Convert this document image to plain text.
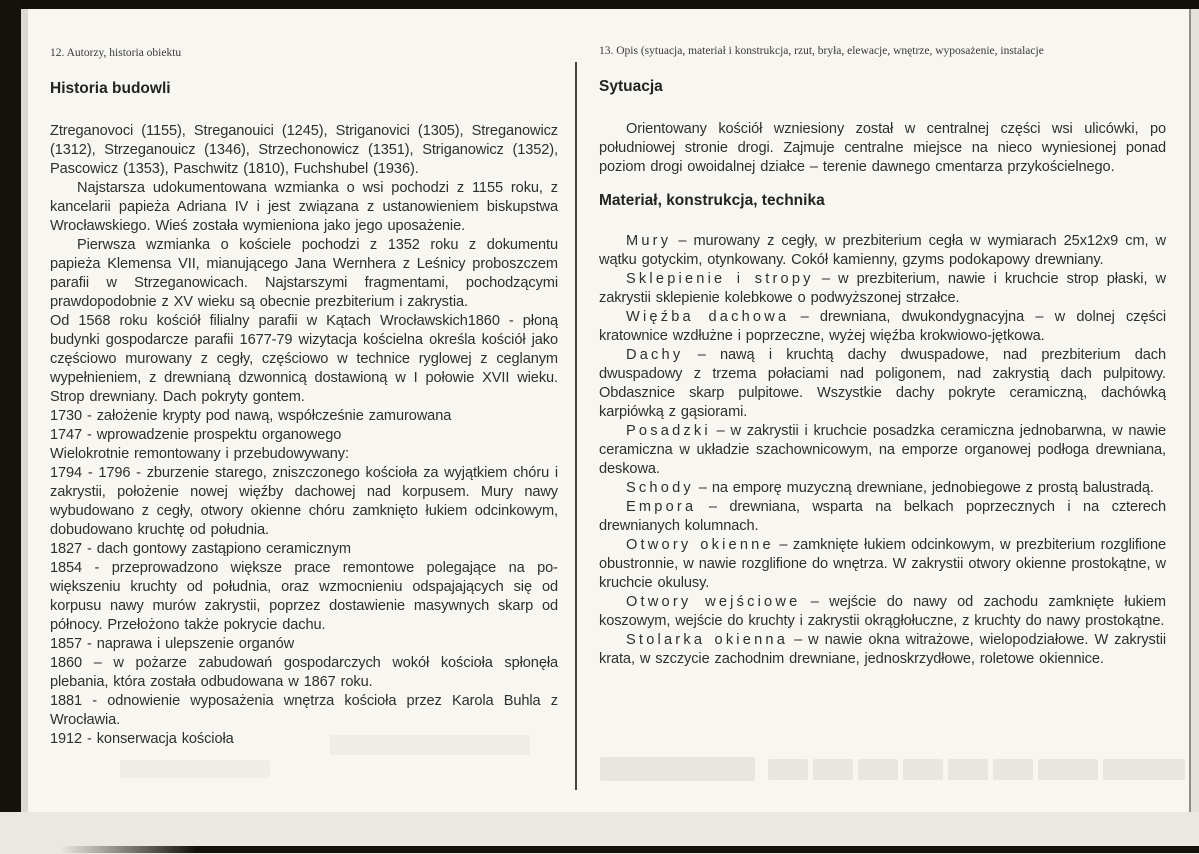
12. Autorzy, historia obiektu
Historia budowli

Ztreganovoci (1155), Streganouici (1245), Striganovici (1305), Streganowicz (1312), Strzeganouicz (1346), Strzechonowicz (1351), Striganowicz (1352), Pascowicz (1353), Paschwitz (1810), Fuchshubel (1936).

Najstarsza udokumentowana wzmianka o wsi pochodzi z 1155 roku, z kancelarii papieża Adriana IV i jest związana z ustanowieniem biskupstwa Wrocławskiego. Wieś została wymieniona jako jego uposażenie.

Pierwsza wzmianka o kościele pochodzi z 1352 roku z dokumentu papieża Klemensa VII, mianującego Jana Wernhera z Leśnicy proboszczem parafii w Strzeganowicach. Najstarszymi fragmentami, pochodzącymi prawdopodobnie z XV wieku są obecnie prezbiterium i zakrystia.

Od 1568 roku kościół filialny parafii w Kątach Wrocławskich1860 - płoną budynki gospodarcze parafii 1677-79 wizytacja kościelna określa kościół jako częściowo murowany z cegły, częściowo w technice ryglowej z ceglanym wypełnieniem, z drewnianą dzwonnicą dostawioną w I połowie XVII wieku. Strop drewniany. Dach pokryty gontem.

1730 - założenie krypty pod nawą, współcześnie zamurowana

1747 - wprowadzenie prospektu organowego

Wielokrotnie remontowany i przebudowywany:

1794 - 1796 - zburzenie starego, zniszczonego kościoła za wyjątkiem chóru i zakrystii, położenie nowej więźby dachowej nad korpusem. Mury nawy wybudowano z cegły, otwory okienne chóru zamknięto łukiem odcinkowym, dobudowano kruchtę od południa.

1827 - dach gontowy zastąpiono ceramicznym

1854 - przeprowadzono większe prace remontowe polegające na powiększeniu kruchty od południa, oraz wzmocnieniu odspajających się od korpusu nawy murów zakrystii, poprzez dostawienie masywnych skarp od północy. Przełożono także pokrycie dachu.

1857 - naprawa i ulepszenie organów

1860 – w pożarze zabudowań gospodarczych wokół kościoła spłonęła plebania, która została odbudowana w 1867 roku.

1881 - odnowienie wyposażenia wnętrza kościoła przez Karola Buhla z Wrocławia.

1912 - konserwacja kościoła

13. Opis (sytuacja, materiał i konstrukcja, rzut, bryła, elewacje, wnętrze, wyposażenie, instalacje
Sytuacja

Orientowany kościół wzniesiony został w centralnej części wsi ulicówki, po południowej stronie drogi. Zajmuje centralne miejsce na nieco wyniesionej ponad poziom drogi owoidalnej działce – terenie dawnego cmentarza przykościelnego.

Materiał, konstrukcja, technika

Mury – murowany z cegły, w prezbiterium cegła w wymiarach 25x12x9 cm, w wątku gotyckim, otynkowany. Cokół kamienny, gzyms podokapowy drewniany.

Sklepienie i stropy – w prezbiterium, nawie i kruchcie strop płaski, w zakrystii sklepienie kolebkowe o podwyższonej strzałce.

Więźba dachowa – drewniana, dwukondygnacyjna – w dolnej części kratownice wzdłużne i poprzeczne, wyżej więźba krokwiowo-jętkowa.

Dachy – nawą i kruchtą dachy dwuspadowe, nad prezbiterium dach dwuspadowy z trzema połaciami nad poligonem, nad zakrystią dach pulpitowy. Obdasznice skarp pulpitowe. Wszystkie dachy pokryte ceramiczną, dachówką karpiówką z gąsiorami.

Posadzki – w zakrystii i kruchcie posadzka ceramiczna jednobarwna, w nawie ceramiczna w układzie szachownicowym, na emporze organowej podłoga drewniana, deskowa.

Schody – na emporę muzyczną drewniane, jednobiegowe z prostą balustradą.

Empora – drewniana, wsparta na belkach poprzecznych i na czterech drewnianych kolumnach.

Otwory okienne – zamknięte łukiem odcinkowym, w prezbiterium rozglifione obustronnie, w nawie rozglifione do wnętrza. W zakrystii otwory okienne prostokątne, w kruchcie okulusy.

Otwory wejściowe – wejście do nawy od zachodu zamknięte łukiem koszowym, wejście do kruchty i zakrystii okrągłołuczne, z kruchty do nawy prostokątne.

Stolarka okienna – w nawie okna witrażowe, wielopodziałowe. W zakrystii krata, w szczycie zachodnim drewniane, jednoskrzydłowe, roletowe okiennice.
